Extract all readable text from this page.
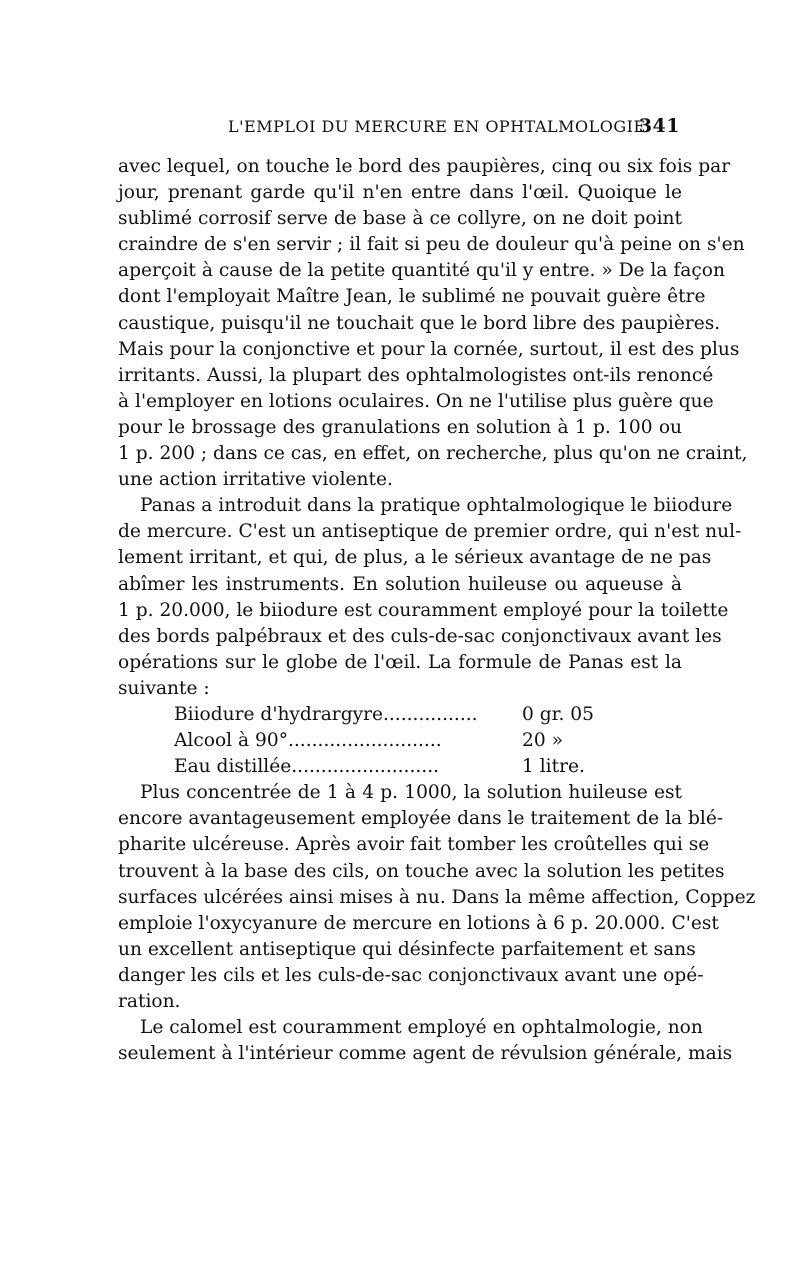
L'EMPLOI DU MERCURE EN OPHTALMOLOGIE
341
avec lequel, on touche le bord des paupières, cinq ou six fois par
jour, prenant garde qu'il n'en entre dans l'œil. Quoique le
sublimé corrosif serve de base à ce collyre, on ne doit point
craindre de s'en servir ; il fait si peu de douleur qu'à peine on s'en
aperçoit à cause de la petite quantité qu'il y entre. » De la façon
dont l'employait Maître Jean, le sublimé ne pouvait guère être
caustique, puisqu'il ne touchait que le bord libre des paupières.
Mais pour la conjonctive et pour la cornée, surtout, il est des plus
irritants. Aussi, la plupart des ophtalmologistes ont-ils renoncé
à l'employer en lotions oculaires. On ne l'utilise plus guère que
pour le brossage des granulations en solution à 1 p. 100 ou
1 p. 200 ; dans ce cas, en effet, on recherche, plus qu'on ne craint,
une action irritative violente.
Panas a introduit dans la pratique ophtalmologique le biiodure
de mercure. C'est un antiseptique de premier ordre, qui n'est nul-
lement irritant, et qui, de plus, a le sérieux avantage de ne pas
abîmer les instruments. En solution huileuse ou aqueuse à
1 p. 20.000, le biiodure est couramment employé pour la toilette
des bords palpébraux et des culs-de-sac conjonctivaux avant les
opérations sur le globe de l'œil. La formule de Panas est la
suivante :
Biiodure d'hydrargyre................ 0 gr. 05
Alcool à 90°..........................	20 »
Eau distillée.........................	1 litre.
Plus concentrée de 1 à 4 p. 1000, la solution huileuse est
encore avantageusement employée dans le traitement de la blé-
pharite ulcéreuse. Après avoir fait tomber les croûtelles qui se
trouvent à la base des cils, on touche avec la solution les petites
surfaces ulcérées ainsi mises à nu. Dans la même affection, Coppez
emploie l'oxycyanure de mercure en lotions à 6 p. 20.000. C'est
un excellent antiseptique qui désinfecte parfaitement et sans
danger les cils et les culs-de-sac conjonctivaux avant une opé-
ration.
Le calomel est couramment employé en ophtalmologie, non
seulement à l'intérieur comme agent de révulsion générale, mais
